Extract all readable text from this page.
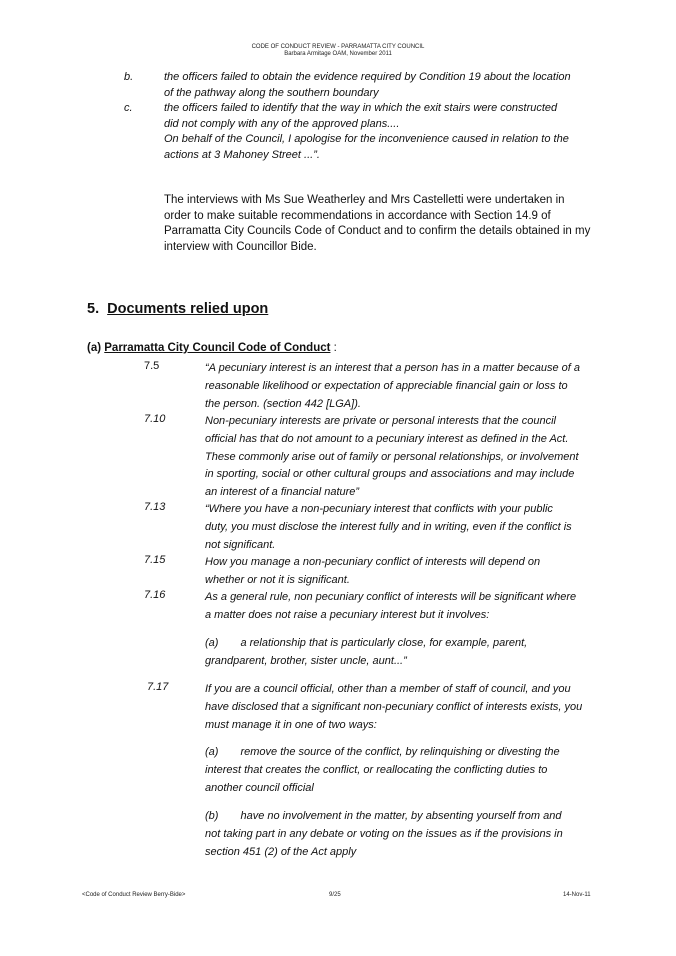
CODE OF CONDUCT REVIEW - PARRAMATTA CITY COUNCIL
Barbara Armitage OAM, November 2011
b.	the officers failed to obtain the evidence required by Condition 19 about the location
of the pathway along the southern boundary
c.	the officers failed to identify that the way in which the exit stairs were constructed
did not comply with any of the approved plans....
On behalf of the Council, I apologise for the inconvenience caused in relation to the
actions at 3 Mahoney Street ...”.
The interviews with Ms Sue Weatherley and Mrs Castelletti were undertaken in
order to make suitable recommendations in accordance with Section 14.9 of
Parramatta City Councils Code of Conduct and to confirm the details obtained in my
interview with Councillor Bide.
5. Documents relied upon
(a) Parramatta City Council Code of Conduct :
7.5	“A pecuniary interest is an interest that a person has in a matter because of a
reasonable likelihood or expectation of appreciable financial gain or loss to
the person. (section 442 [LGA]).
7.10	Non-pecuniary interests are private or personal interests that the council
official has that do not amount to a pecuniary interest as defined in the Act.
These commonly arise out of family or personal relationships, or involvement
in sporting, social or other cultural groups and associations and may include
an interest of a financial nature”
7.13	“Where you have a non-pecuniary interest that conflicts with your public
duty, you must disclose the interest fully and in writing, even if the conflict is
not significant.
7.15	How you manage a non-pecuniary conflict of interests will depend on
whether or not it is significant.
7.16	As a general rule, non pecuniary conflict of interests will be significant where
a matter does not raise a pecuniary interest but it involves:
(a) a relationship that is particularly close, for example, parent,
grandparent, brother, sister uncle, aunt...”
7.17	If you are a council official, other than a member of staff of council, and you
have disclosed that a significant non-pecuniary conflict of interests exists, you
must manage it in one of two ways:
(a) remove the source of the conflict, by relinquishing or divesting the
interest that creates the conflict, or reallocating the conflicting duties to
another council official
(b) have no involvement in the matter, by absenting yourself from and
not taking part in any debate or voting on the issues as if the provisions in
section 451 (2) of the Act apply
<Code of Conduct Review Berry-Bide>	9/25	14-Nov-11
